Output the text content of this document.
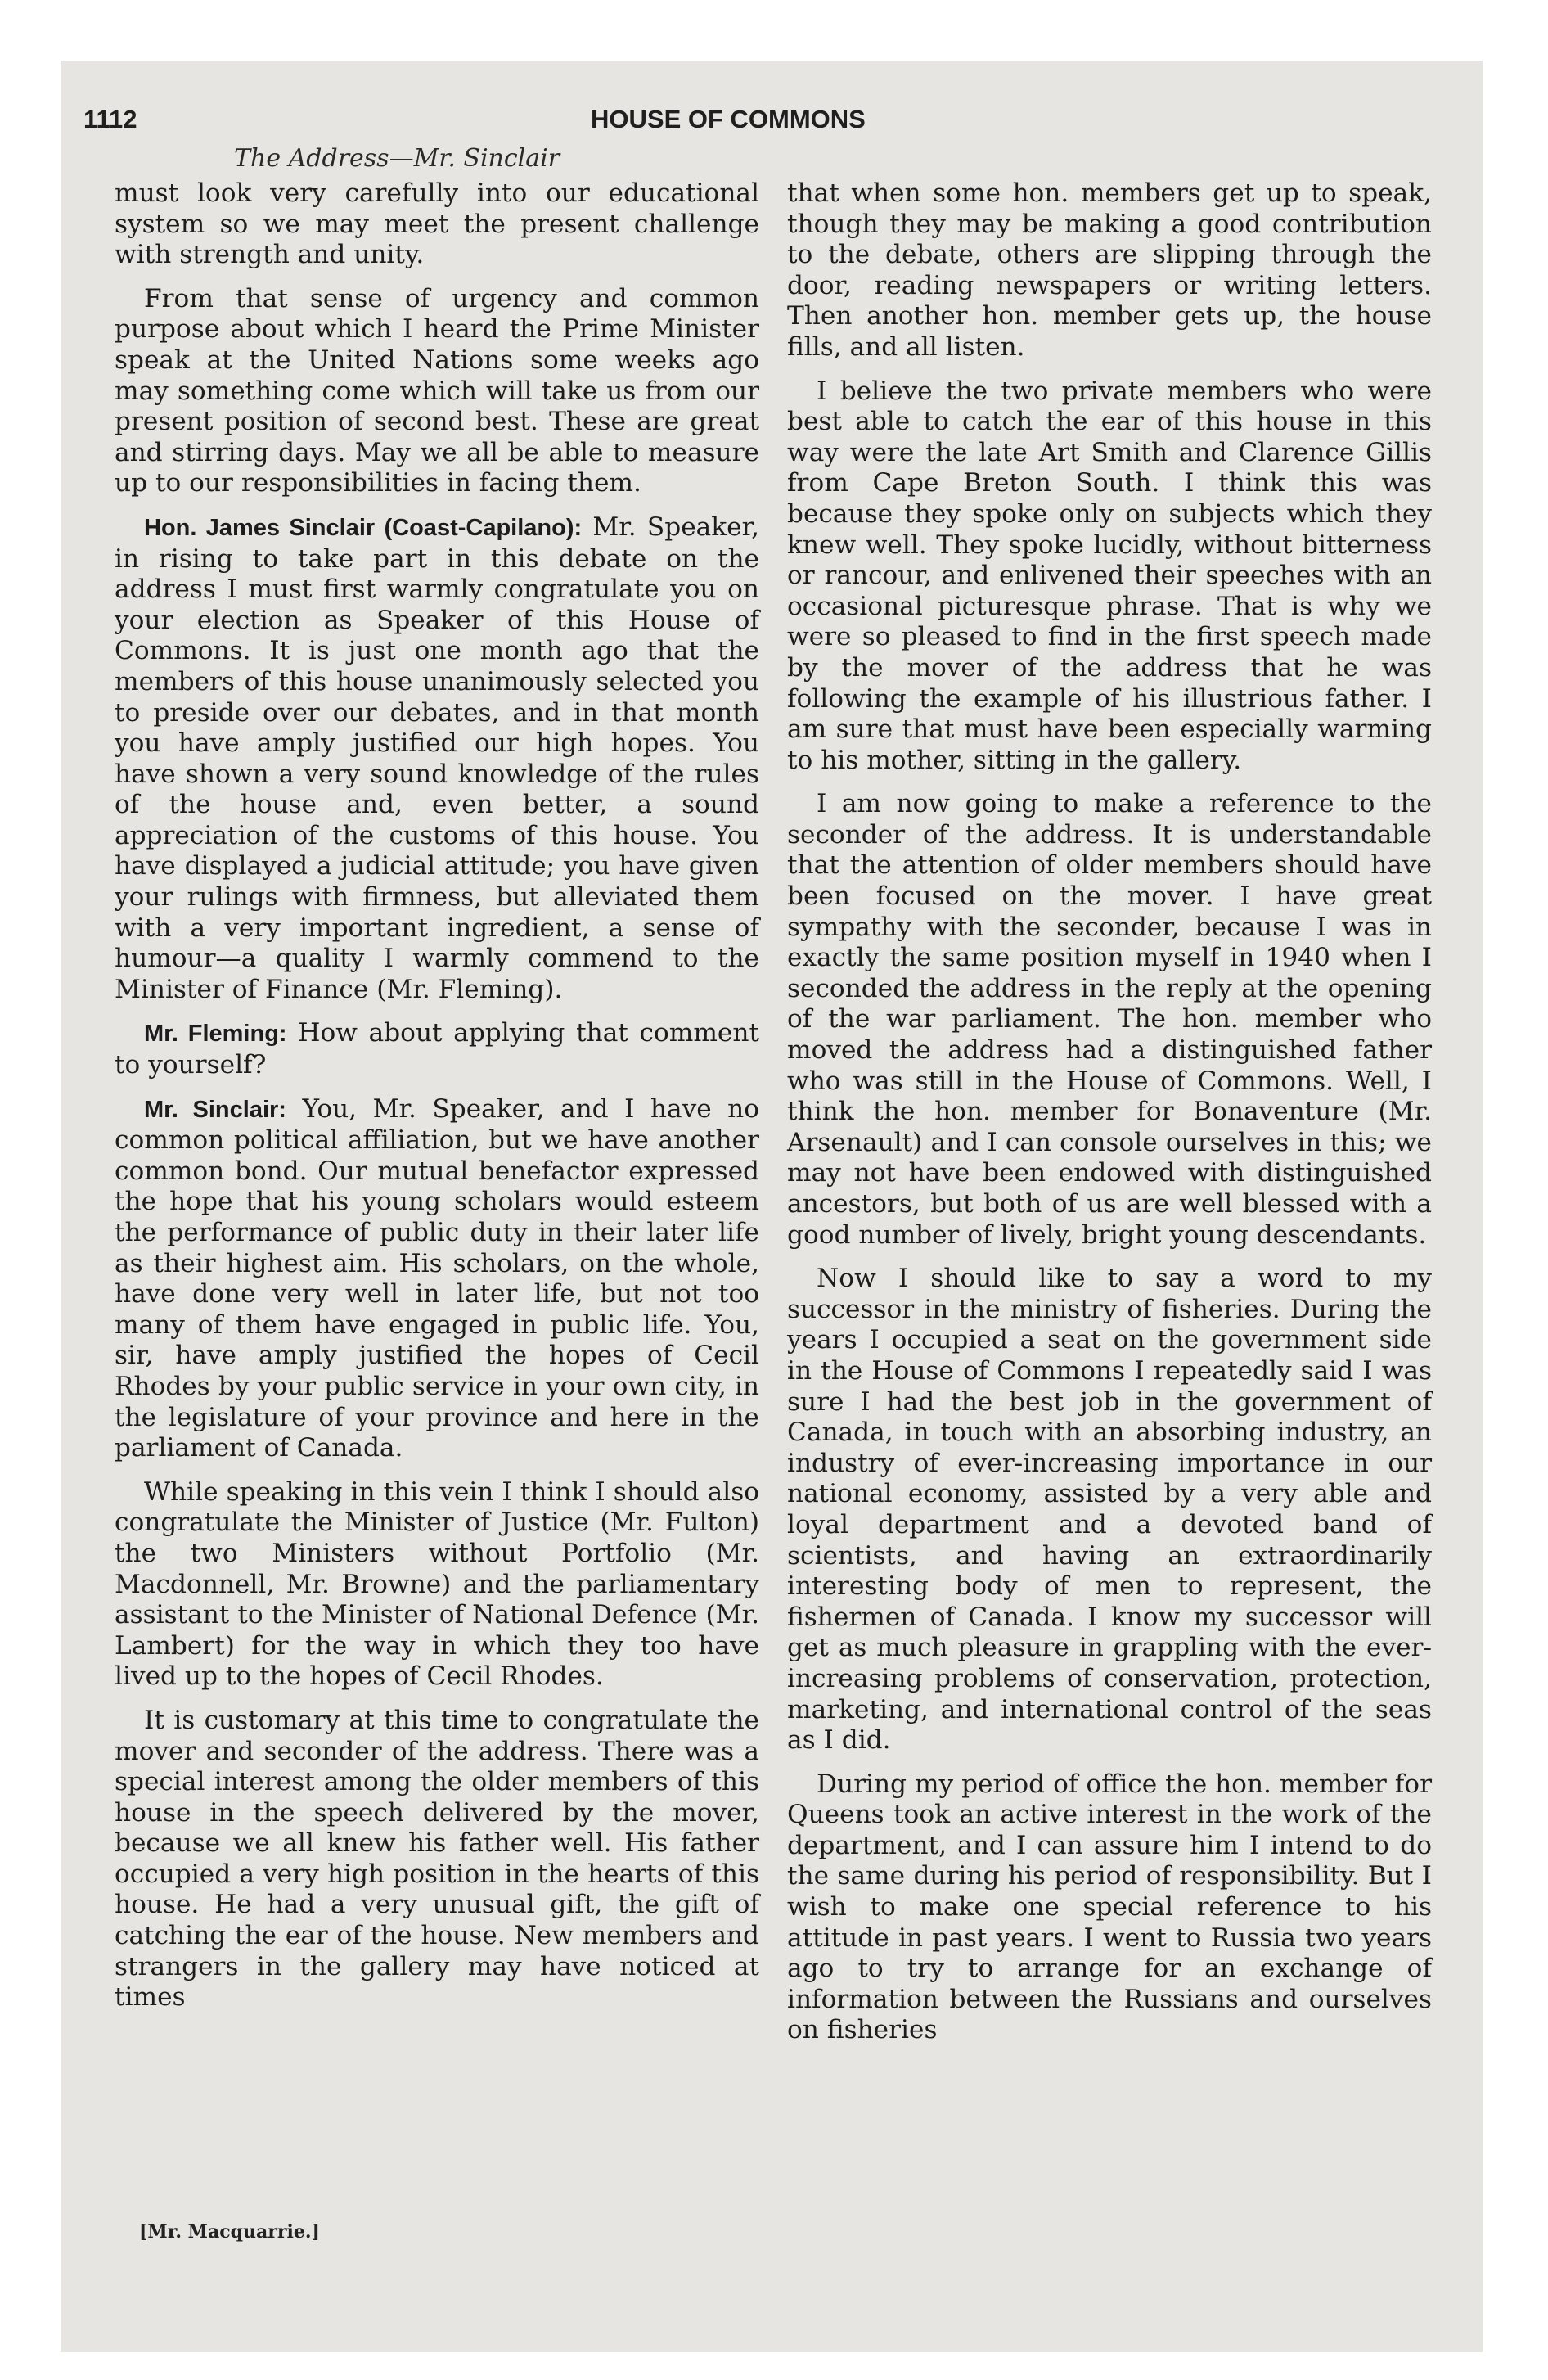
1112	HOUSE OF COMMONS
The Address—Mr. Sinclair

must look very carefully into our educational system so we may meet the present challenge with strength and unity.

From that sense of urgency and common purpose about which I heard the Prime Minister speak at the United Nations some weeks ago may something come which will take us from our present position of second best. These are great and stirring days. May we all be able to measure up to our responsibilities in facing them.

Hon. James Sinclair (Coast-Capilano): Mr. Speaker, in rising to take part in this debate on the address I must first warmly congratulate you on your election as Speaker of this House of Commons. It is just one month ago that the members of this house unanimously selected you to preside over our debates, and in that month you have amply justified our high hopes. You have shown a very sound knowledge of the rules of the house and, even better, a sound appreciation of the customs of this house. You have displayed a judicial attitude; you have given your rulings with firmness, but alleviated them with a very important ingredient, a sense of humour—a quality I warmly commend to the Minister of Finance (Mr. Fleming).

Mr. Fleming: How about applying that comment to yourself?

Mr. Sinclair: You, Mr. Speaker, and I have no common political affiliation, but we have another common bond. Our mutual benefactor expressed the hope that his young scholars would esteem the performance of public duty in their later life as their highest aim. His scholars, on the whole, have done very well in later life, but not too many of them have engaged in public life. You, sir, have amply justified the hopes of Cecil Rhodes by your public service in your own city, in the legislature of your province and here in the parliament of Canada.

While speaking in this vein I think I should also congratulate the Minister of Justice (Mr. Fulton) the two Ministers without Portfolio (Mr. Macdonnell, Mr. Browne) and the parliamentary assistant to the Minister of National Defence (Mr. Lambert) for the way in which they too have lived up to the hopes of Cecil Rhodes.

It is customary at this time to congratulate the mover and seconder of the address. There was a special interest among the older members of this house in the speech delivered by the mover, because we all knew his father well. His father occupied a very high position in the hearts of this house. He had a very unusual gift, the gift of catching the ear of the house. New members and strangers in the gallery may have noticed at times

that when some hon. members get up to speak, though they may be making a good contribution to the debate, others are slipping through the door, reading newspapers or writing letters. Then another hon. member gets up, the house fills, and all listen.

I believe the two private members who were best able to catch the ear of this house in this way were the late Art Smith and Clarence Gillis from Cape Breton South. I think this was because they spoke only on subjects which they knew well. They spoke lucidly, without bitterness or rancour, and enlivened their speeches with an occasional picturesque phrase. That is why we were so pleased to find in the first speech made by the mover of the address that he was following the example of his illustrious father. I am sure that must have been especially warming to his mother, sitting in the gallery.

I am now going to make a reference to the seconder of the address. It is understandable that the attention of older members should have been focused on the mover. I have great sympathy with the seconder, because I was in exactly the same position myself in 1940 when I seconded the address in the reply at the opening of the war parliament. The hon. member who moved the address had a distinguished father who was still in the House of Commons. Well, I think the hon. member for Bonaventure (Mr. Arsenault) and I can console ourselves in this; we may not have been endowed with distinguished ancestors, but both of us are well blessed with a good number of lively, bright young descendants.

Now I should like to say a word to my successor in the ministry of fisheries. During the years I occupied a seat on the government side in the House of Commons I repeatedly said I was sure I had the best job in the government of Canada, in touch with an absorbing industry, an industry of ever-increasing importance in our national economy, assisted by a very able and loyal department and a devoted band of scientists, and having an extraordinarily interesting body of men to represent, the fishermen of Canada. I know my successor will get as much pleasure in grappling with the ever-increasing problems of conservation, protection, marketing, and international control of the seas as I did.

During my period of office the hon. member for Queens took an active interest in the work of the department, and I can assure him I intend to do the same during his period of responsibility. But I wish to make one special reference to his attitude in past years. I went to Russia two years ago to try to arrange for an exchange of information between the Russians and ourselves on fisheries

[Mr. Macquarrie.]
